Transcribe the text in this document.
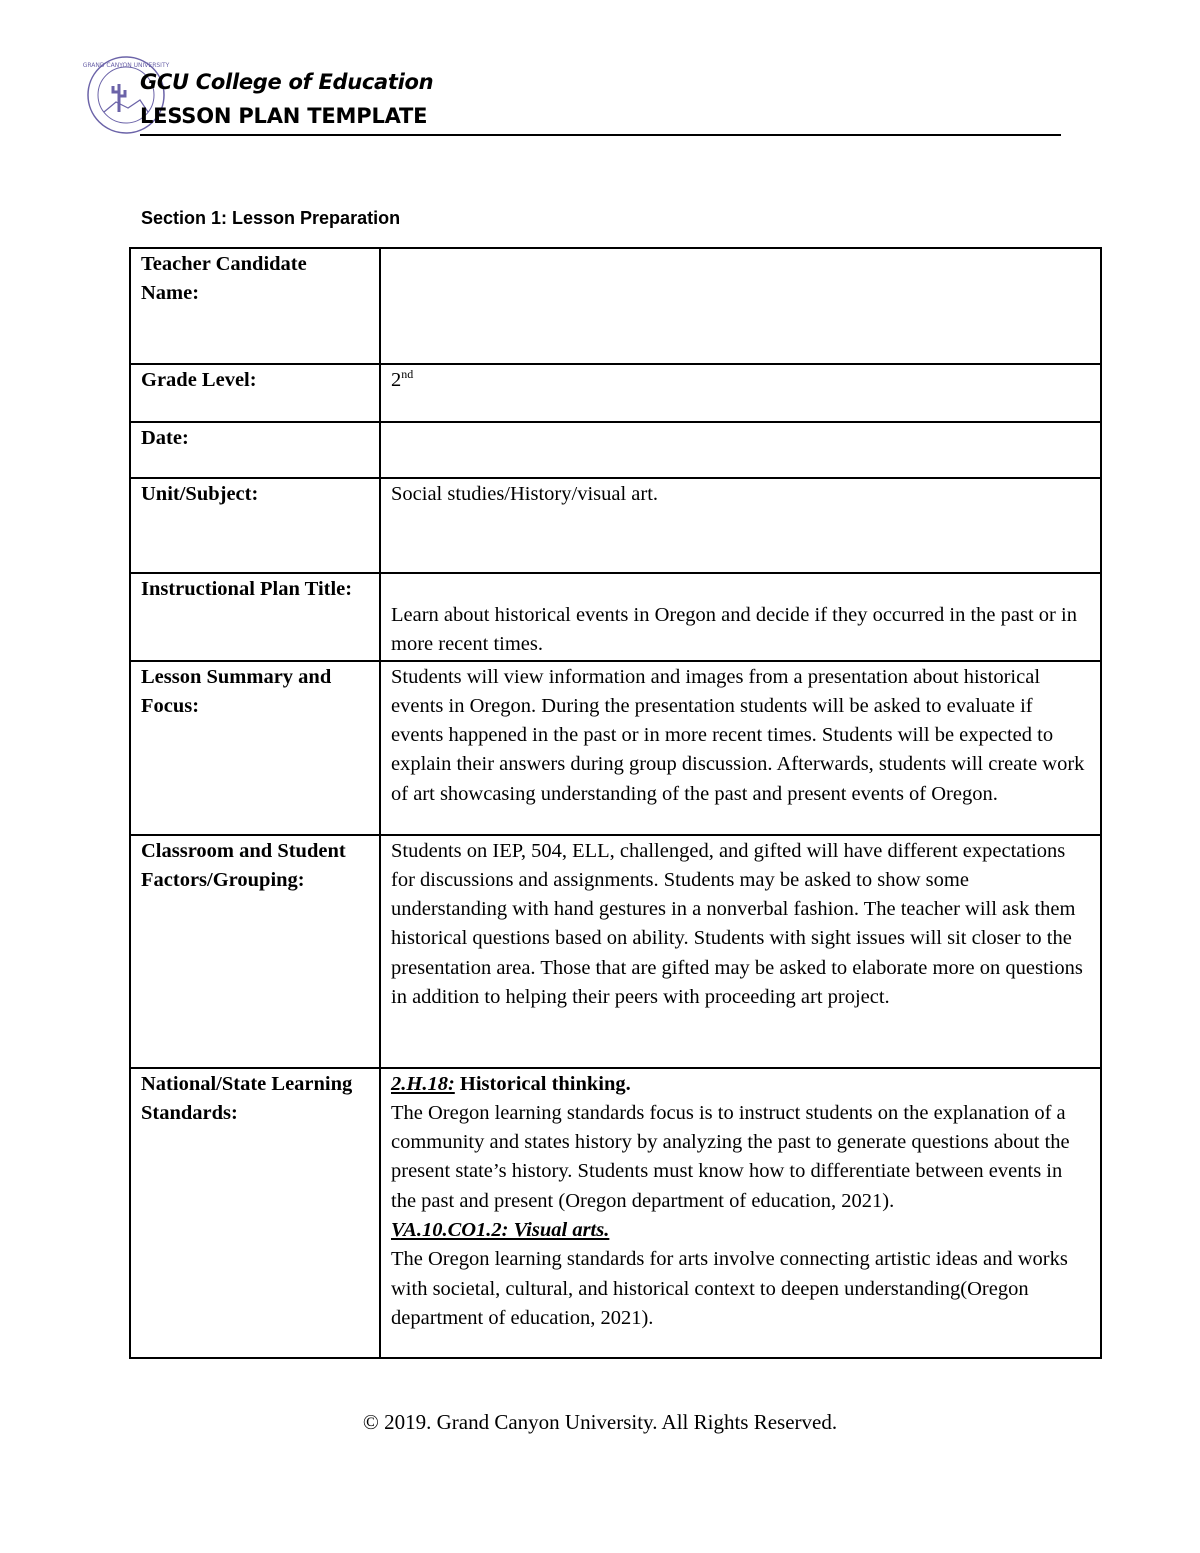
GRAND CANYON UNIVERSITY
GCU College of Education
LESSON PLAN TEMPLATE
Section 1: Lesson Preparation
Teacher Candidate Name:	
Grade Level:	2nd
Date:	
Unit/Subject:	Social studies/History/visual art.
Instructional Plan Title:	Learn about historical events in Oregon and decide if they occurred in the past or in more recent times.
Lesson Summary and Focus:	Students will view information and images from a presentation about historical events in Oregon. During the presentation students will be asked to evaluate if events happened in the past or in more recent times. Students will be expected to explain their answers during group discussion. Afterwards, students will create work of art showcasing understanding of the past and present events of Oregon.
Classroom and Student Factors/Grouping:	Students on IEP, 504, ELL, challenged, and gifted will have different expectations for discussions and assignments. Students may be asked to show some understanding with hand gestures in a nonverbal fashion. The teacher will ask them historical questions based on ability. Students with sight issues will sit closer to the presentation area. Those that are gifted may be asked to elaborate more on questions in addition to helping their peers with proceeding art project.
National/State Learning Standards:	2.H.18: Historical thinking.
The Oregon learning standards focus is to instruct students on the explanation of a community and states history by analyzing the past to generate questions about the present state’s history. Students must know how to differentiate between events in the past and present (Oregon department of education, 2021).
VA.10.CO1.2: Visual arts.
The Oregon learning standards for arts involve connecting artistic ideas and works with societal, cultural, and historical context to deepen understanding(Oregon department of education, 2021).
© 2019. Grand Canyon University. All Rights Reserved.
